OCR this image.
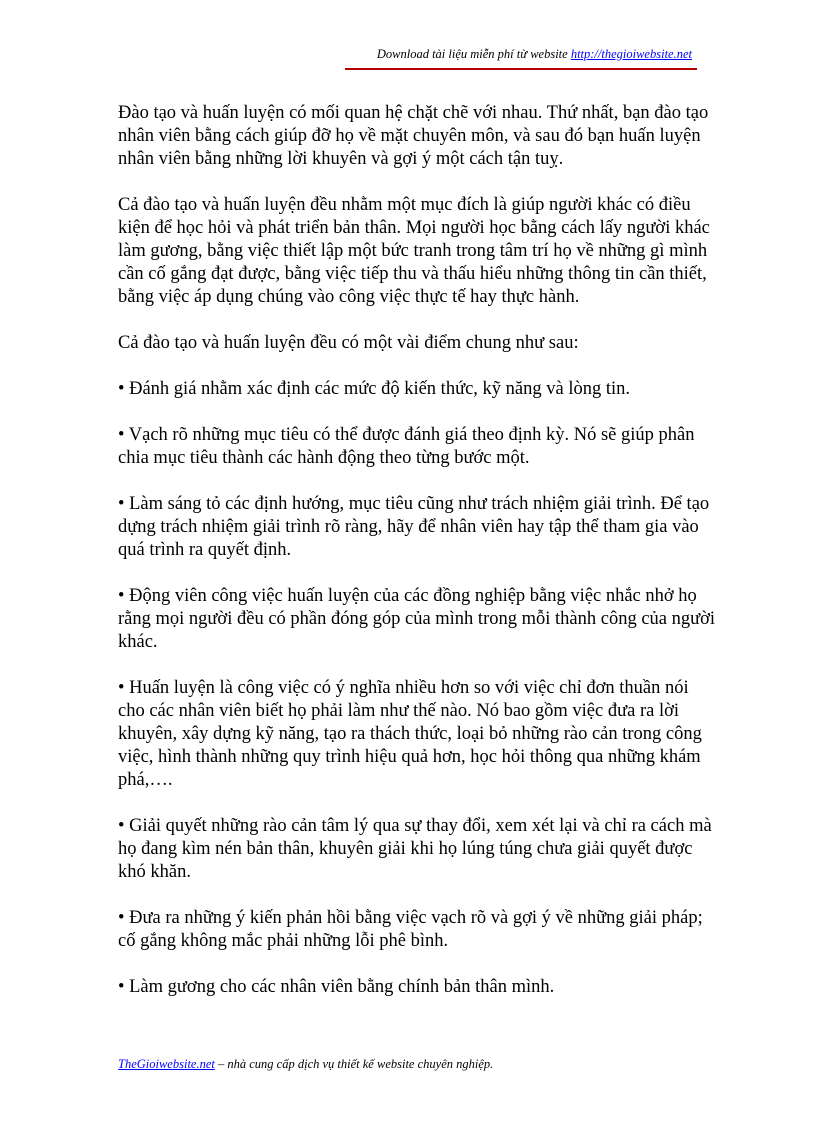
Download tài liệu miễn phí từ website http://thegioiwebsite.net

Đào tạo và huấn luyện có mối quan hệ chặt chẽ với nhau. Thứ nhất, bạn đào tạo nhân viên bằng cách giúp đỡ họ về mặt chuyên môn, và sau đó bạn huấn luyện nhân viên bằng những lời khuyên và gợi ý một cách tận tuỵ.

Cả đào tạo và huấn luyện đều nhằm một mục đích là giúp người khác có điều kiện để học hỏi và phát triển bản thân. Mọi người học bằng cách lấy người khác làm gương, bằng việc thiết lập một bức tranh trong tâm trí họ về những gì mình cần cố gắng đạt được, bằng việc tiếp thu và thấu hiểu những thông tin cần thiết, bằng việc áp dụng chúng vào công việc thực tế hay thực hành.

Cả đào tạo và huấn luyện đều có một vài điểm chung như sau:

• Đánh giá nhằm xác định các mức độ kiến thức, kỹ năng và lòng tin.

• Vạch rõ những mục tiêu có thể được đánh giá theo định kỳ. Nó sẽ giúp phân chia mục tiêu thành các hành động theo từng bước một.

• Làm sáng tỏ các định hướng, mục tiêu cũng như trách nhiệm giải trình. Để tạo dựng trách nhiệm giải trình rõ ràng, hãy để nhân viên hay tập thể tham gia vào quá trình ra quyết định.

• Động viên công việc huấn luyện của các đồng nghiệp bằng việc nhắc nhở họ rằng mọi người đều có phần đóng góp của mình trong mỗi thành công của người khác.

• Huấn luyện là công việc có ý nghĩa nhiều hơn so với việc chỉ đơn thuần nói cho các nhân viên biết họ phải làm như thế nào. Nó bao gồm việc đưa ra lời khuyên, xây dựng kỹ năng, tạo ra thách thức, loại bỏ những rào cản trong công việc, hình thành những quy trình hiệu quả hơn, học hỏi thông qua những khám phá,….

• Giải quyết những rào cản tâm lý qua sự thay đổi, xem xét lại và chỉ ra cách mà họ đang kìm nén bản thân, khuyên giải khi họ lúng túng chưa giải quyết được khó khăn.

• Đưa ra những ý kiến phản hồi bằng việc vạch rõ và gợi ý về những giải pháp; cố gắng không mắc phải những lỗi phê bình.

• Làm gương cho các nhân viên bằng chính bản thân mình.

TheGioiwebsite.net – nhà cung cấp dịch vụ thiết kế website chuyên nghiệp.
